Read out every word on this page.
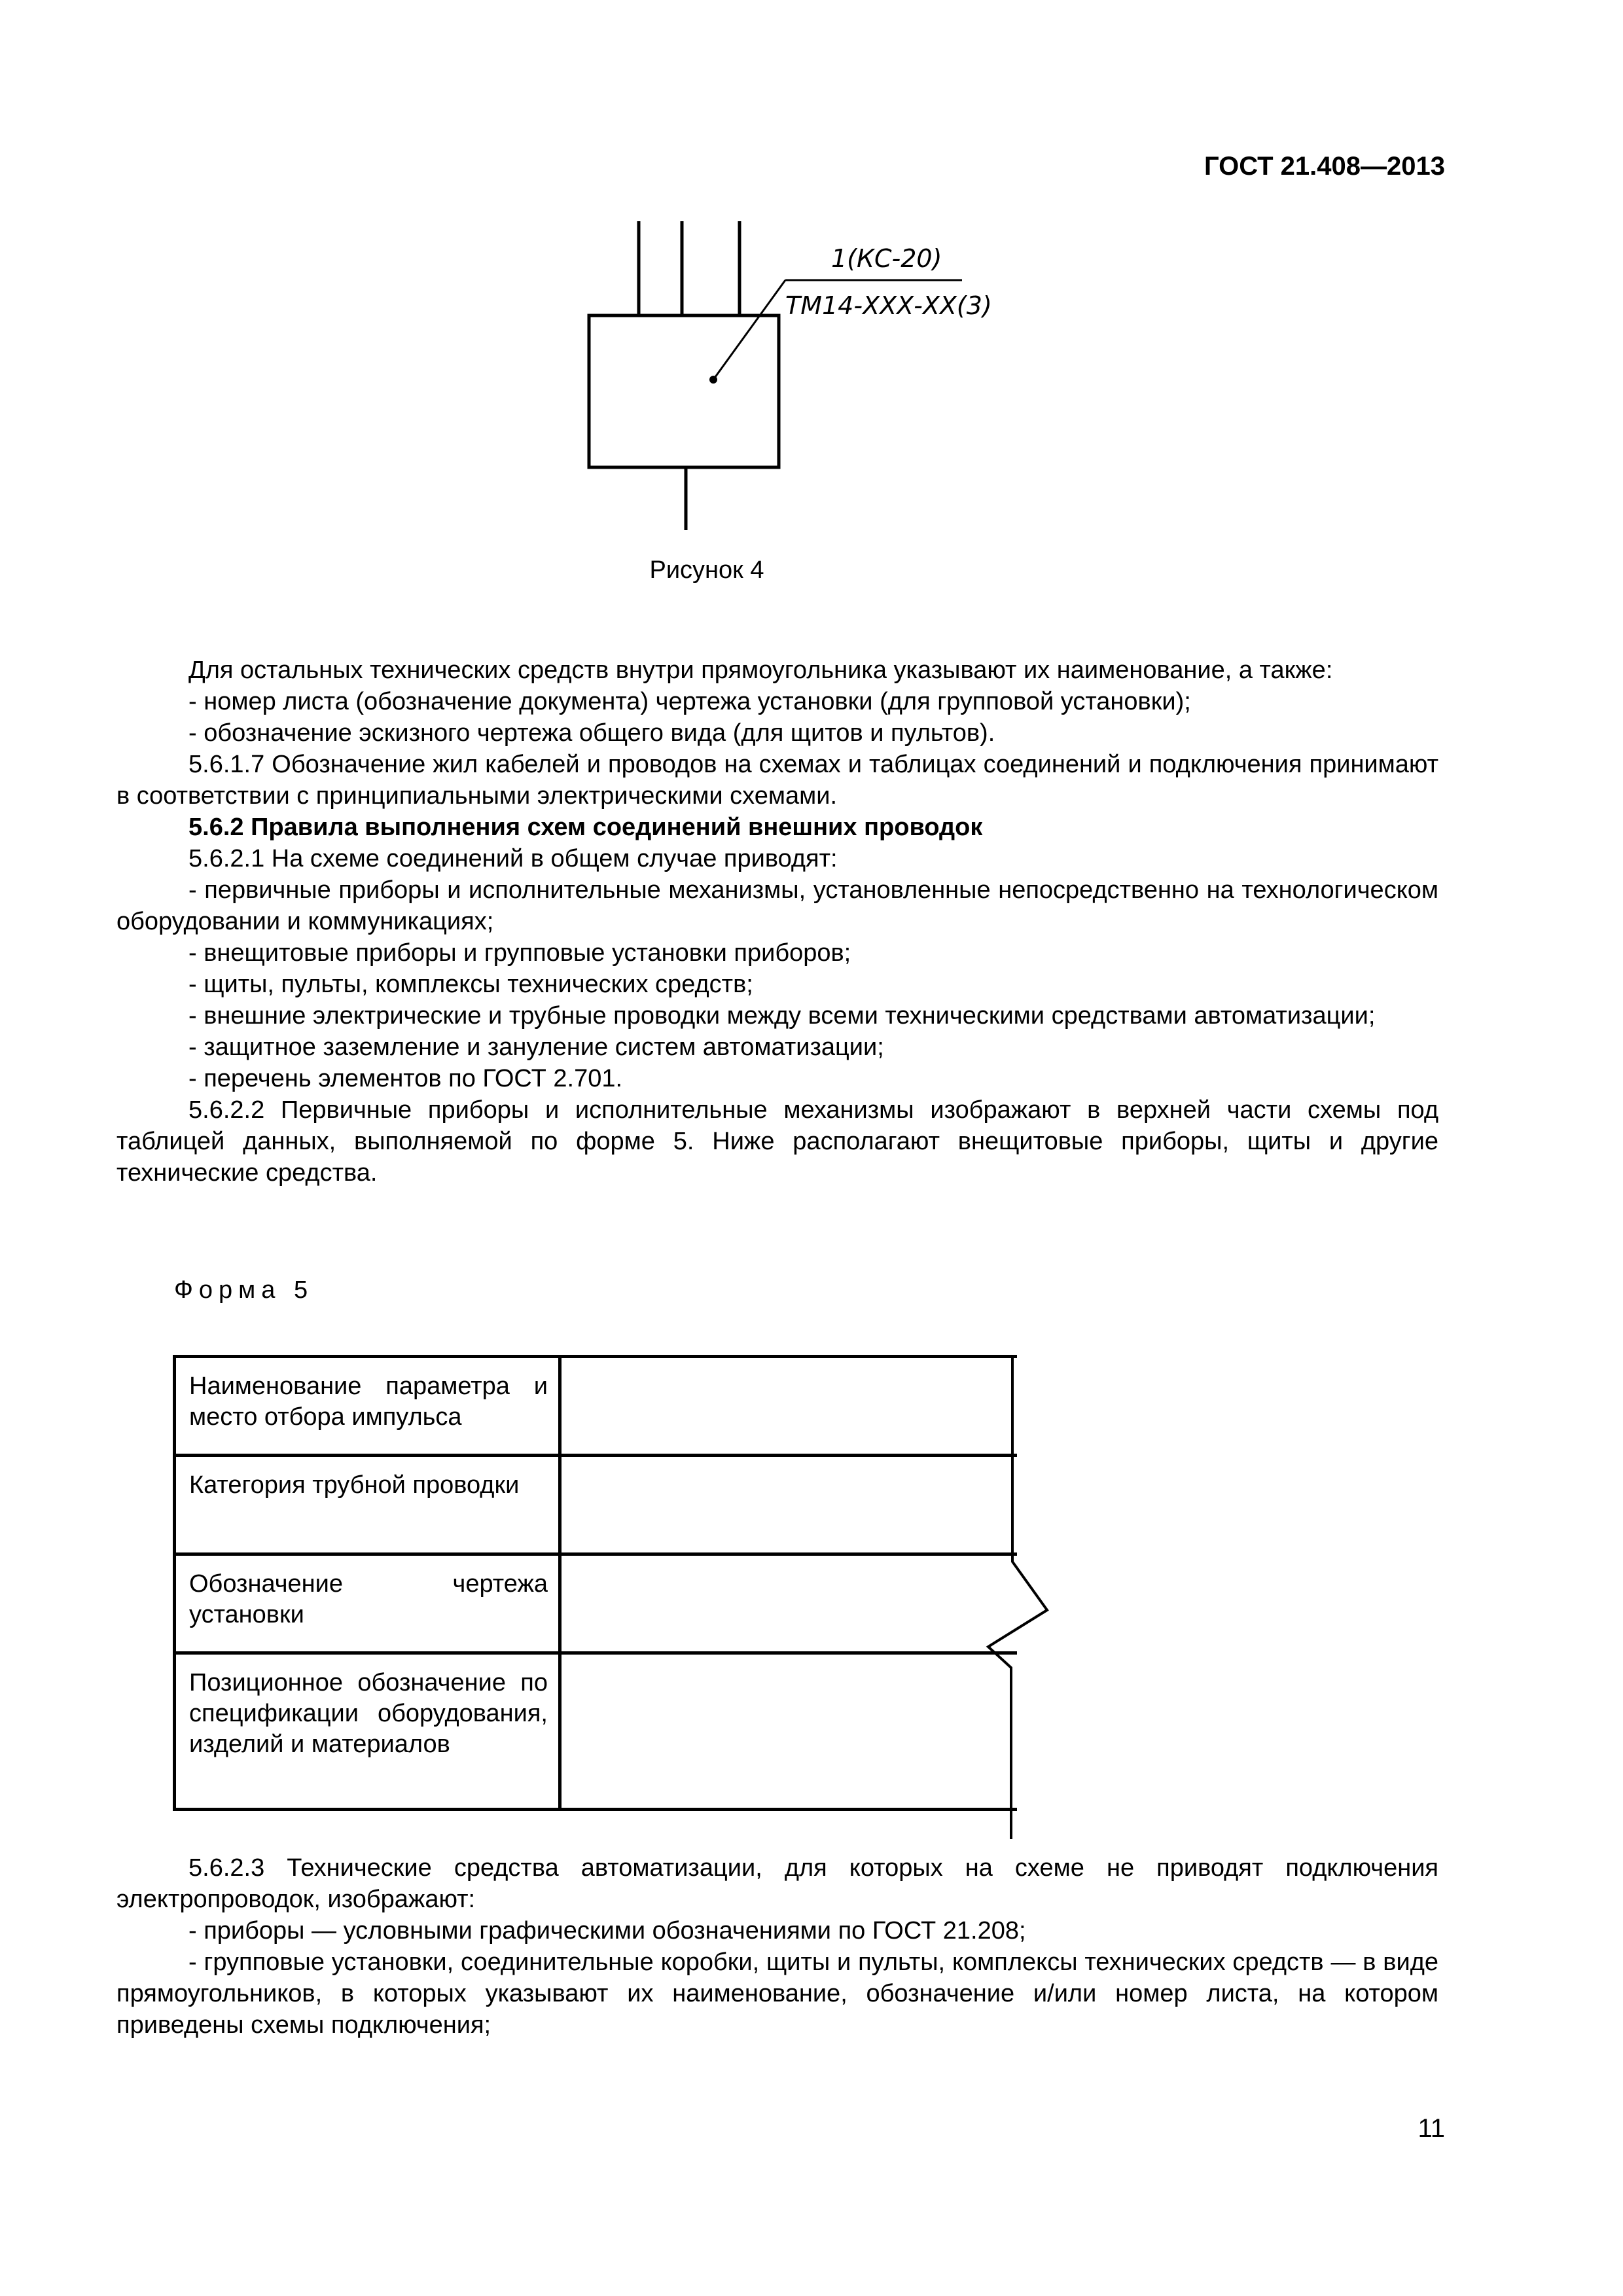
ГОСТ 21.408—2013
1(КС-20)
ТМ14-ХХХ-ХХ(3)
Рисунок 4

Для остальных технических средств внутри прямоугольника указывают их наименование, а также:

- номер листа (обозначение документа) чертежа установки (для групповой установки);

- обозначение эскизного чертежа общего вида (для щитов и пультов).

5.6.1.7 Обозначение жил кабелей и проводов на схемах и таблицах соединений и подключения принимают в соответствии с принципиальными электрическими схемами.

5.6.2 Правила выполнения схем соединений внешних проводок

5.6.2.1 На схеме соединений в общем случае приводят:

- первичные приборы и исполнительные механизмы, установленные непосредственно на технологическом оборудовании и коммуникациях;

- внещитовые приборы и групповые установки приборов;

- щиты, пульты, комплексы технических средств;

- внешние электрические и трубные проводки между всеми техническими средствами автоматизации;

- защитное заземление и зануление систем автоматизации;

- перечень элементов по ГОСТ 2.701.

5.6.2.2 Первичные приборы и исполнительные механизмы изображают в верхней части схемы под таблицей данных, выполняемой по форме 5. Ниже располагают внещитовые приборы, щиты и другие технические средства.

Форма 5
Наименование параметра и место отбора импульса	
Категория трубной проводки	
Обозначение чертежа установки	
Позиционное обозначение по спецификации оборудования, изделий и материалов	

5.6.2.3 Технические средства автоматизации, для которых на схеме не приводят подключения электропроводок, изображают:

- приборы — условными графическими обозначениями по ГОСТ 21.208;

- групповые установки, соединительные коробки, щиты и пульты, комплексы технических средств — в виде прямоугольников, в которых указывают их наименование, обозначение и/или номер листа, на котором приведены схемы подключения;

11
